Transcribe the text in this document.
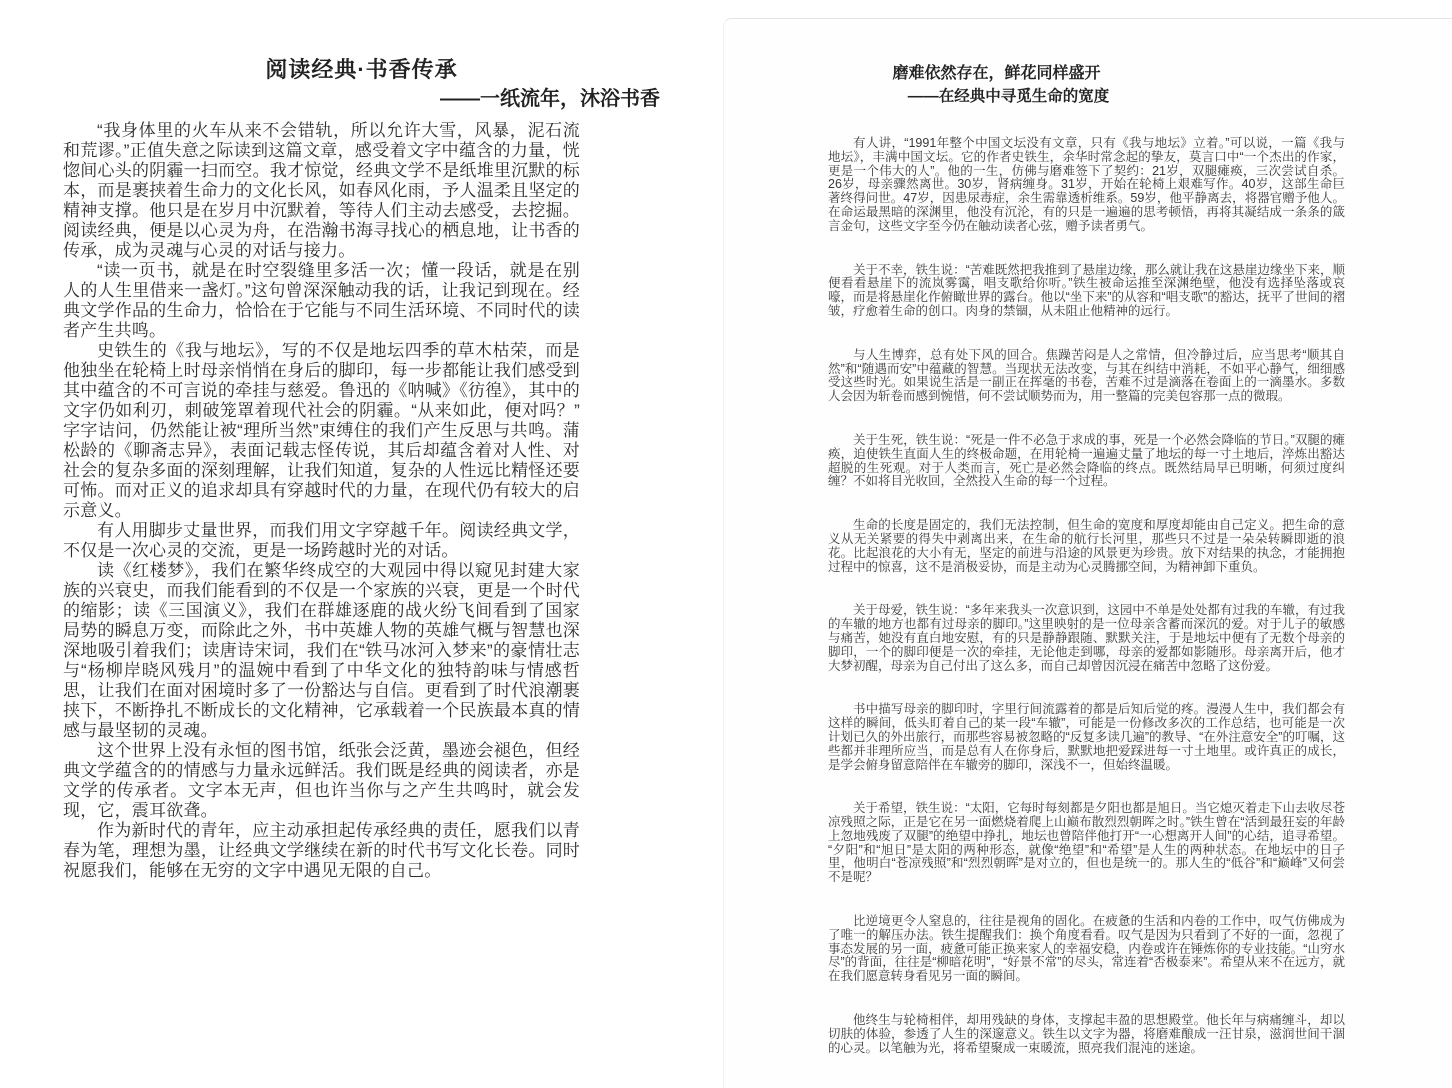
阅读经典·书香传承
——一纸流年，沐浴书香

“我身体里的火车从来不会错轨，所以允许大雪，风暴，泥石流和荒谬。”正值失意之际读到这篇文章，感受着文字中蕴含的力量，恍惚间心头的阴霾一扫而空。我才惊觉，经典文学不是纸堆里沉默的标本，而是裹挟着生命力的文化长风，如春风化雨，予人温柔且坚定的精神支撑。他只是在岁月中沉默着，等待人们主动去感受，去挖掘。阅读经典，便是以心灵为舟，在浩瀚书海寻找心的栖息地，让书香的传承，成为灵魂与心灵的对话与接力。

“读一页书，就是在时空裂缝里多活一次；懂一段话，就是在别人的人生里借来一盏灯。”这句曾深深触动我的话，让我记到现在。经典文学作品的生命力，恰恰在于它能与不同生活环境、不同时代的读者产生共鸣。

史铁生的《我与地坛》，写的不仅是地坛四季的草木枯荣，而是他独坐在轮椅上时母亲悄悄在身后的脚印，每一步都能让我们感受到其中蕴含的不可言说的牵挂与慈爱。鲁迅的《呐喊》《彷徨》，其中的文字仍如利刃，刺破笼罩着现代社会的阴霾。“从来如此，便对吗？”字字诘问，仍然能让被“理所当然”束缚住的我们产生反思与共鸣。蒲松龄的《聊斋志异》，表面记载志怪传说，其后却蕴含着对人性、对社会的复杂多面的深刻理解，让我们知道，复杂的人性远比精怪还要可怖。而对正义的追求却具有穿越时代的力量，在现代仍有较大的启示意义。

有人用脚步丈量世界，而我们用文字穿越千年。阅读经典文学，不仅是一次心灵的交流，更是一场跨越时光的对话。

读《红楼梦》，我们在繁华终成空的大观园中得以窥见封建大家族的兴衰史，而我们能看到的不仅是一个家族的兴衰，更是一个时代的缩影；读《三国演义》，我们在群雄逐鹿的战火纷飞间看到了国家局势的瞬息万变，而除此之外，书中英雄人物的英雄气概与智慧也深深地吸引着我们；读唐诗宋词，我们在“铁马冰河入梦来”的豪情壮志与“杨柳岸晓风残月”的温婉中看到了中华文化的独特韵味与情感哲思，让我们在面对困境时多了一份豁达与自信。更看到了时代浪潮裹挟下，不断挣扎不断成长的文化精神，它承载着一个民族最本真的情感与最坚韧的灵魂。

这个世界上没有永恒的图书馆，纸张会泛黄，墨迹会褪色，但经典文学蕴含的的情感与力量永远鲜活。我们既是经典的阅读者，亦是文学的传承者。文字本无声，但也许当你与之产生共鸣时，就会发现，它，震耳欲聋。

作为新时代的青年，应主动承担起传承经典的责任，愿我们以青春为笔，理想为墨，让经典文学继续在新的时代书写文化长卷。同时祝愿我们，能够在无穷的文字中遇见无限的自己。

磨难依然存在，鲜花同样盛开
——在经典中寻觅生命的宽度

有人讲，“1991年整个中国文坛没有文章，只有《我与地坛》立着。”可以说，一篇《我与地坛》，丰满中国文坛。它的作者史铁生，余华时常念起的挚友，莫言口中“一个杰出的作家，更是一个伟大的人”。他的一生，仿佛与磨难签下了契约：21岁，双腿瘫痪，三次尝试自杀。26岁，母亲骤然离世。30岁，肾病缠身。31岁，开始在轮椅上艰难写作。40岁，这部生命巨著终得问世。47岁，因患尿毒症，余生需靠透析维系。59岁，他平静离去，将器官赠予他人。在命运最黑暗的深渊里，他没有沉沦，有的只是一遍遍的思考顿悟，再将其凝结成一条条的箴言金句，这些文字至今仍在触动读者心弦，赠予读者勇气。

关于不幸，铁生说：“苦难既然把我推到了悬崖边缘，那么就让我在这悬崖边缘坐下来，顺便看看悬崖下的流岚雾霭，唱支歌给你听。”铁生被命运推至深渊绝壁，他没有选择坠落或哀嚎，而是将悬崖化作俯瞰世界的露台。他以“坐下来”的从容和“唱支歌”的豁达，抚平了世间的褶皱，疗愈着生命的创口。肉身的禁锢，从未阻止他精神的远行。

与人生博弈，总有处下风的回合。焦躁苦闷是人之常情，但冷静过后，应当思考“顺其自然”和“随遇而安”中蕴藏的智慧。当现状无法改变，与其在纠结中消耗，不如平心静气，细细感受这些时光。如果说生活是一副正在挥毫的书卷，苦难不过是滴落在卷面上的一滴墨水。多数人会因为斩卷而感到惋惜，何不尝试顺势而为，用一整篇的完美包容那一点的微瑕。

关于生死，铁生说：“死是一件不必急于求成的事，死是一个必然会降临的节日。”双腿的瘫痪，迫使铁生直面人生的终极命题，在用轮椅一遍遍丈量了地坛的每一寸土地后，淬炼出豁达超脱的生死观。对于人类而言，死亡是必然会降临的终点。既然结局早已明晰，何须过度纠缠？不如将目光收回，全然投入生命的每一个过程。

生命的长度是固定的，我们无法控制，但生命的宽度和厚度却能由自己定义。把生命的意义从无关紧要的得失中剥离出来，在生命的航行长河里，那些只不过是一朵朵转瞬即逝的浪花。比起浪花的大小有无，坚定的前进与沿途的风景更为珍贵。放下对结果的执念，才能拥抱过程中的惊喜，这不是消极妥协，而是主动为心灵腾挪空间，为精神卸下重负。

关于母爱，铁生说：“多年来我头一次意识到，这园中不单是处处都有过我的车辙，有过我的车辙的地方也都有过母亲的脚印。”这里映射的是一位母亲含蓄而深沉的爱。对于儿子的敏感与痛苦，她没有直白地安慰，有的只是静静跟随、默默关注，于是地坛中便有了无数个母亲的脚印，一个的脚印便是一次的牵挂，无论他走到哪，母亲的爱都如影随形。母亲离开后，他才大梦初醒，母亲为自己付出了这么多，而自己却曾因沉浸在痛苦中忽略了这份爱。

书中描写母亲的脚印时，字里行间流露着的都是后知后觉的疼。漫漫人生中，我们都会有这样的瞬间，低头盯着自己的某一段“车辙”，可能是一份修改多次的工作总结，也可能是一次计划已久的外出旅行，而那些容易被忽略的“反复多读几遍”的教导、“在外注意安全”的叮嘱，这些都并非理所应当，而是总有人在你身后，默默地把爱踩进每一寸土地里。或许真正的成长，是学会俯身留意陪伴在车辙旁的脚印，深浅不一，但始终温暖。

关于希望，铁生说：“太阳，它每时每刻都是夕阳也都是旭日。当它熄灭着走下山去收尽苍凉残照之际，正是它在另一面燃烧着爬上山巅布散烈烈朝晖之时。”铁生曾在“活到最狂妄的年龄上忽地残废了双腿”的绝望中挣扎，地坛也曾陪伴他打开“一心想离开人间”的心结，追寻希望。“夕阳”和“旭日”是太阳的两种形态，就像“绝望”和“希望”是人生的两种状态。在地坛中的日子里，他明白“苍凉残照”和“烈烈朝晖”是对立的，但也是统一的。那人生的“低谷”和“巅峰”又何尝不是呢？

比逆境更令人窒息的，往往是视角的固化。在疲惫的生活和内卷的工作中，叹气仿佛成为了唯一的解压办法。铁生提醒我们：换个角度看看。叹气是因为只看到了不好的一面，忽视了事态发展的另一面，疲惫可能正换来家人的幸福安稳，内卷或许在锤炼你的专业技能。“山穷水尽”的背面，往往是“柳暗花明”，“好景不常”的尽头，常连着“否极泰来”。希望从来不在远方，就在我们愿意转身看见另一面的瞬间。

他终生与轮椅相伴，却用残缺的身体，支撑起丰盈的思想殿堂。他长年与病痛缠斗，却以切肤的体验，参透了人生的深邃意义。铁生以文字为器，将磨难酿成一汪甘泉，滋润世间干涸的心灵。以笔触为光，将希望聚成一束暖流，照亮我们混沌的迷途。
